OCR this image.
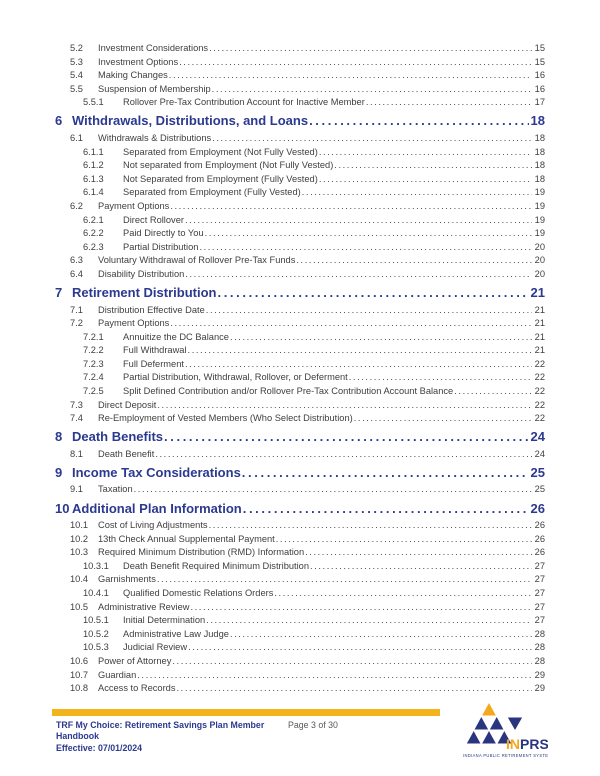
5.2	Investment Considerations . . .	15
5.3	Investment Options . . .	15
5.4	Making Changes . . .	16
5.5	Suspension of Membership . . .	16
5.5.1	Rollover Pre-Tax Contribution Account for Inactive Member . . .	17
6 Withdrawals, Distributions, and Loans . . .	18
6.1	Withdrawals & Distributions . . .	18
6.1.1	Separated from Employment (Not Fully Vested) . . .	18
6.1.2	Not separated from Employment (Not Fully Vested) . . .	18
6.1.3	Not Separated from Employment (Fully Vested) . . .	18
6.1.4	Separated from Employment (Fully Vested) . . .	19
6.2	Payment Options . . .	19
6.2.1	Direct Rollover . . .	19
6.2.2	Paid Directly to You . . .	19
6.2.3	Partial Distribution . . .	20
6.3	Voluntary Withdrawal of Rollover Pre-Tax Funds . . .	20
6.4	Disability Distribution . . .	20
7 Retirement Distribution . . .	21
7.1	Distribution Effective Date . . .	21
7.2	Payment Options . . .	21
7.2.1	Annuitize the DC Balance . . .	21
7.2.2	Full Withdrawal . . .	21
7.2.3	Full Deferment . . .	22
7.2.4	Partial Distribution, Withdrawal, Rollover, or Deferment . . .	22
7.2.5	Split Defined Contribution and/or Rollover Pre-Tax Contribution Account Balance . . .	22
7.3	Direct Deposit . . .	22
7.4	Re-Employment of Vested Members (Who Select Distribution) . . .	22
8 Death Benefits . . .	24
8.1	Death Benefit . . .	24
9 Income Tax Considerations . . .	25
9.1	Taxation . . .	25
10 Additional Plan Information . . .	26
10.1	Cost of Living Adjustments . . .	26
10.2	13th Check Annual Supplemental Payment . . .	26
10.3	Required Minimum Distribution (RMD) Information . . .	26
10.3.1	Death Benefit Required Minimum Distribution . . .	27
10.4	Garnishments . . .	27
10.4.1	Qualified Domestic Relations Orders . . .	27
10.5	Administrative Review . . .	27
10.5.1	Initial Determination . . .	27
10.5.2	Administrative Law Judge . . .	28
10.5.3	Judicial Review . . .	28
10.6	Power of Attorney . . .	28
10.7	Guardian . . .	29
10.8	Access to Records . . .	29
TRF My Choice: Retirement Savings Plan Member Handbook
Effective: 07/01/2024
Page 3 of 30
INPRS
INDIANA PUBLIC RETIREMENT SYSTEM
